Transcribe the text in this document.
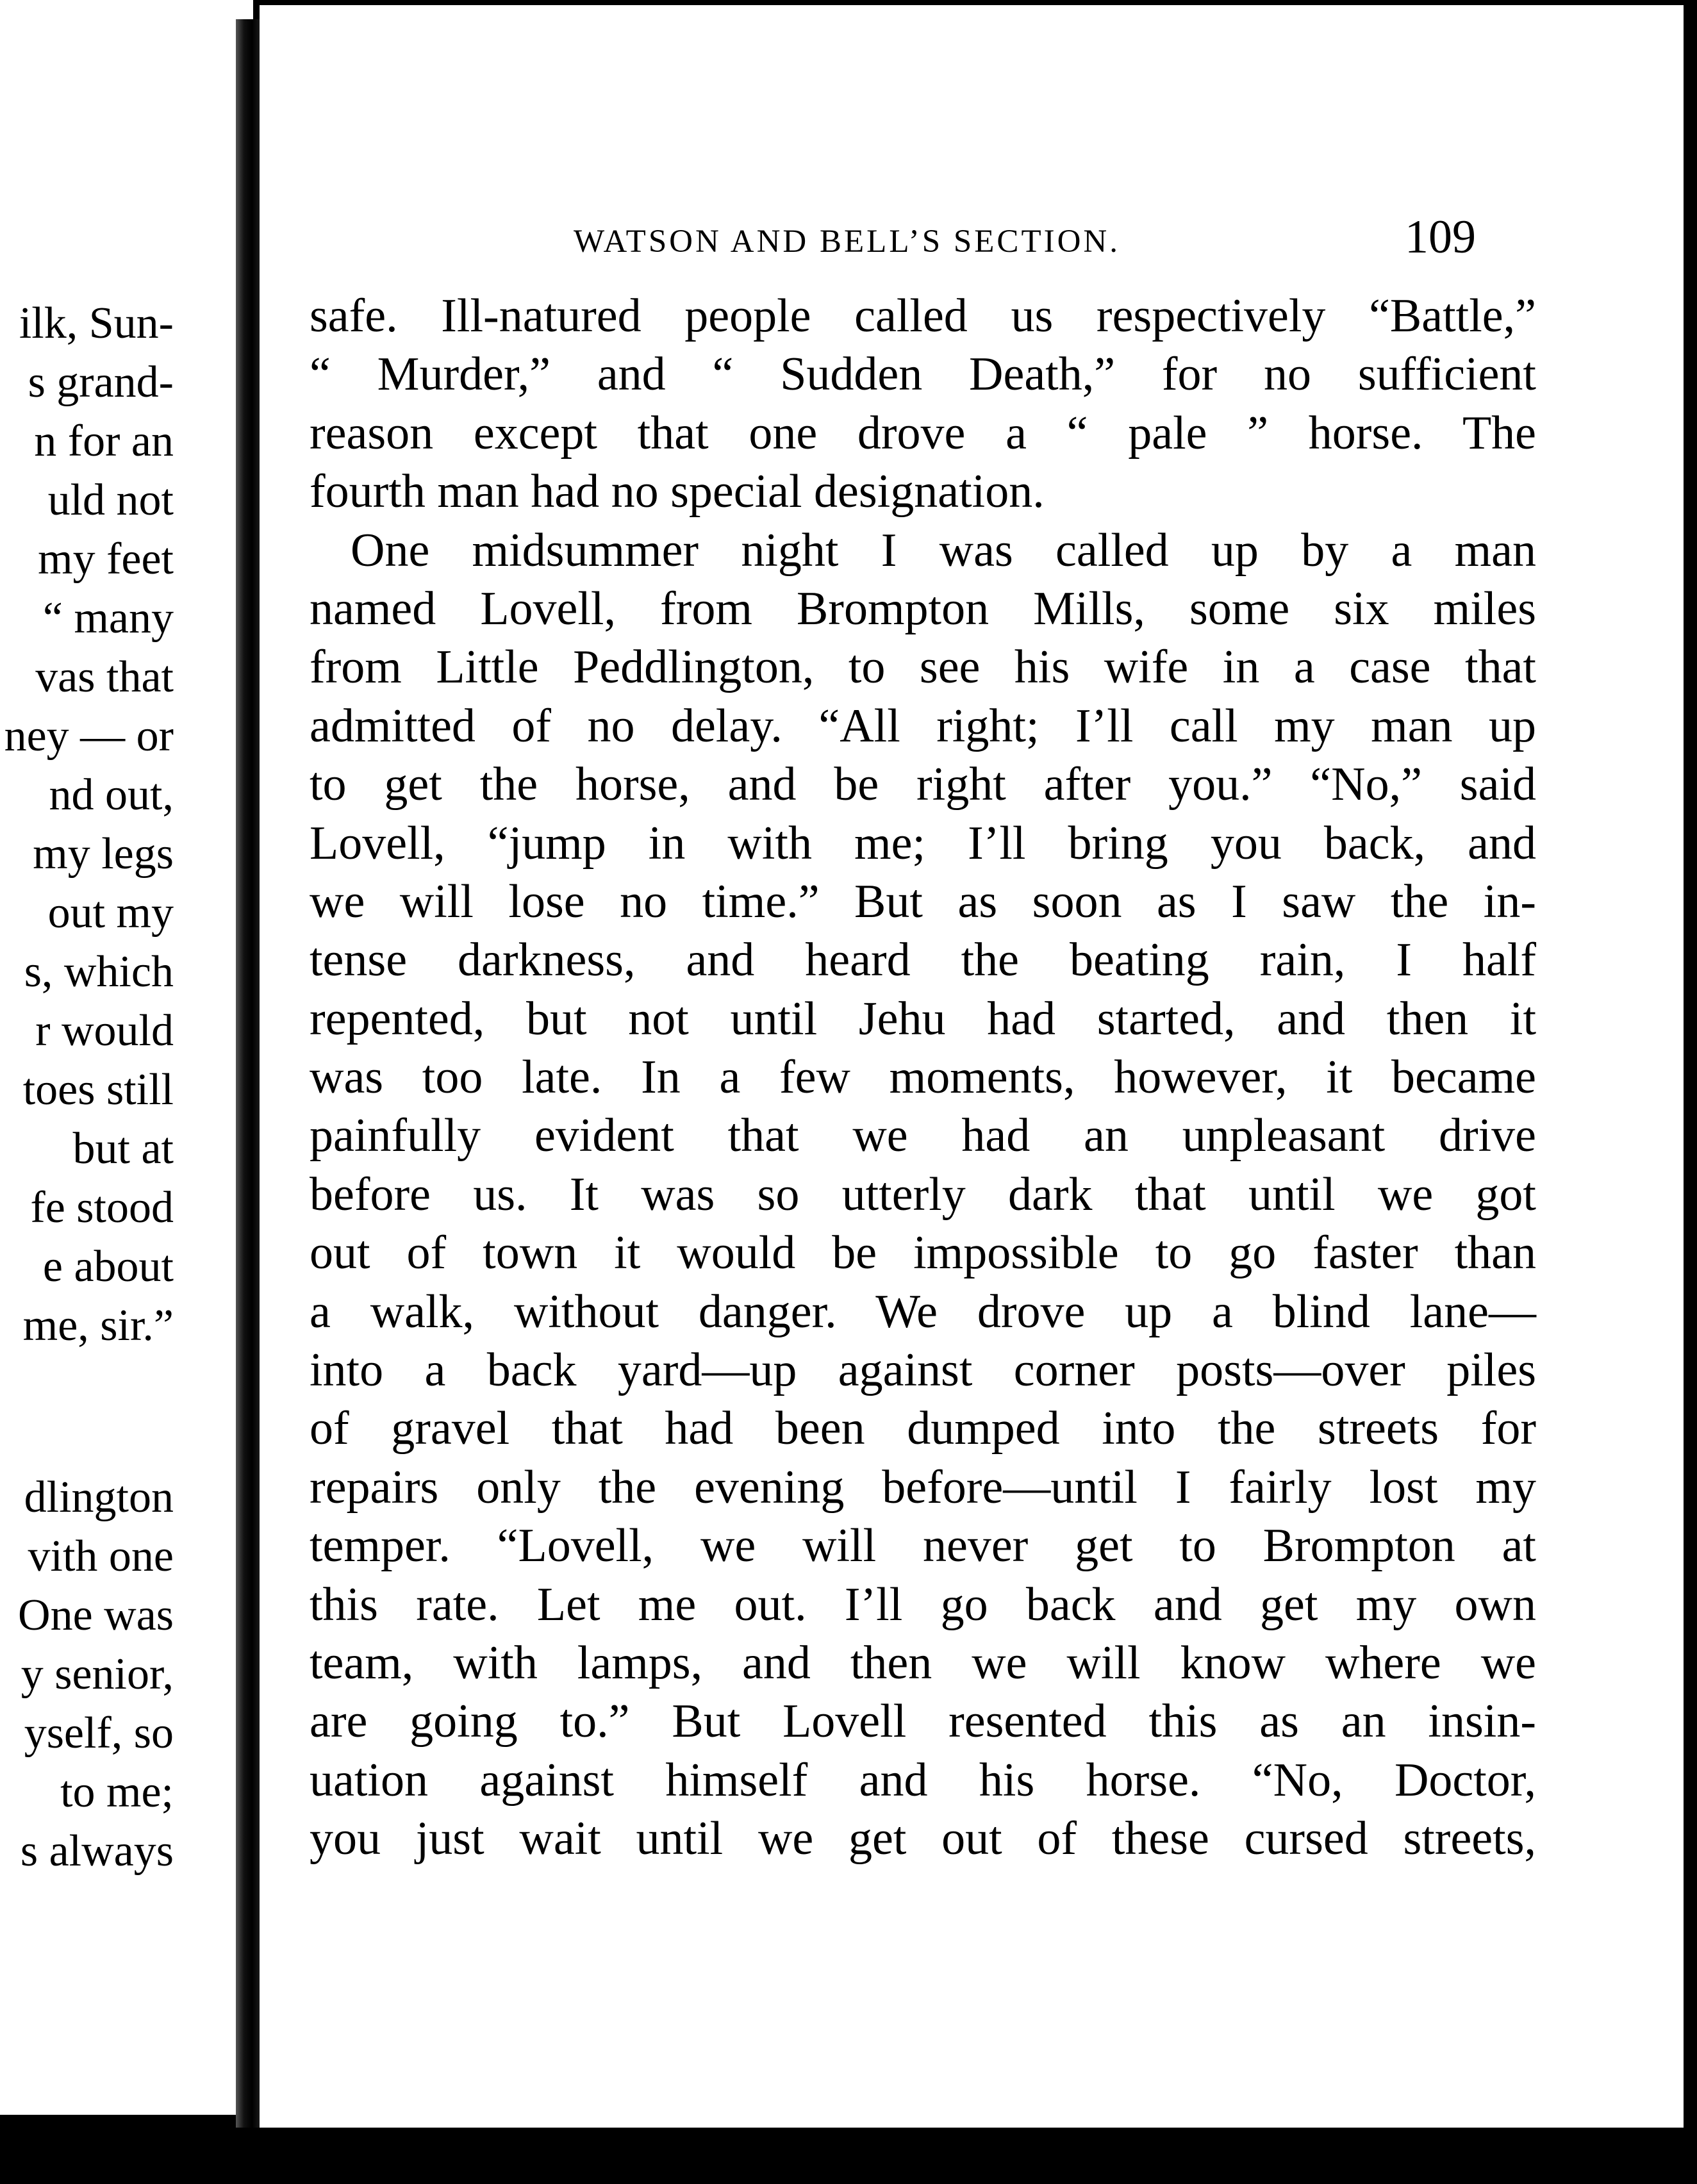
ilk, Sun-
s grand-
n for an
uld not
my feet
“ many
vas that
ney — or
nd out,
my legs
out my
s, which
r would
toes still
but at
fe stood
e about
me, sir.”
dlington
vith one
One was
y senior,
yself, so
to me;
s always
WATSON AND BELL’S SECTION.	109
safe. Ill-natured people called us respectively “Battle,”
“ Murder,” and “ Sudden Death,” for no sufficient
reason except that one drove a “ pale ” horse. The
fourth man had no special designation.
One midsummer night I was called up by a man
named Lovell, from Brompton Mills, some six miles
from Little Peddlington, to see his wife in a case that
admitted of no delay. “All right; I’ll call my man up
to get the horse, and be right after you.” “No,” said
Lovell, “jump in with me; I’ll bring you back, and
we will lose no time.” But as soon as I saw the in-
tense darkness, and heard the beating rain, I half
repented, but not until Jehu had started, and then it
was too late. In a few moments, however, it became
painfully evident that we had an unpleasant drive
before us. It was so utterly dark that until we got
out of town it would be impossible to go faster than
a walk, without danger. We drove up a blind lane—
into a back yard—up against corner posts—over piles
of gravel that had been dumped into the streets for
repairs only the evening before—until I fairly lost my
temper. “Lovell, we will never get to Brompton at
this rate. Let me out. I’ll go back and get my own
team, with lamps, and then we will know where we
are going to.” But Lovell resented this as an insin-
uation against himself and his horse. “No, Doctor,
you just wait until we get out of these cursed streets,
